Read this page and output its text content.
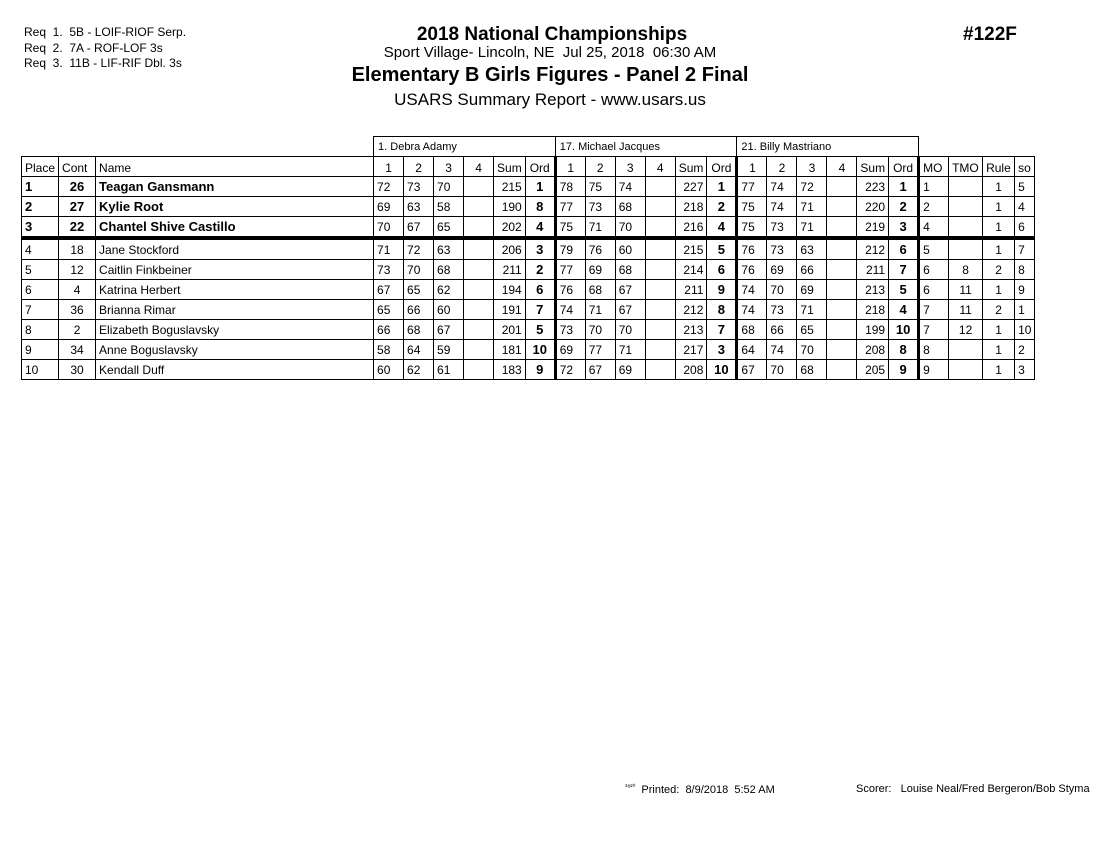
Req  1.  5B - LOIF-RIOF Serp.
Req  2.  7A - ROF-LOF 3s
Req  3.  11B - LIF-RIF Dbl. 3s
2018 National Championships
Sport Village- Lincoln, NE  Jul 25, 2018  06:30 AM
Elementary B Girls Figures - Panel 2 Final
USARS Summary Report - www.usars.us
#122F
			1. Debra Adamy						17. Michael Jacques						21. Billy Mastriano									
Place	Cont	Name	1	2	3	4	Sum	Ord	1	2	3	4	Sum	Ord	1	2	3	4	Sum	Ord	MO	TMO	Rule	so
1	26	Teagan Gansmann	72	73	70		215	1	78	75	74		227	1	77	74	72		223	1	1		1	5
2	27	Kylie Root	69	63	58		190	8	77	73	68		218	2	75	74	71		220	2	2		1	4
3	22	Chantel Shive Castillo	70	67	65		202	4	75	71	70		216	4	75	73	71		219	3	4		1	6
4	18	Jane Stockford	71	72	63		206	3	79	76	60		215	5	76	73	63		212	6	5		1	7
5	12	Caitlin Finkbeiner	73	70	68		211	2	77	69	68		214	6	76	69	66		211	7	6	8	2	8
6	4	Katrina Herbert	67	65	62		194	6	76	68	67		211	9	74	70	69		213	5	6	11	1	9
7	36	Brianna Rimar	65	66	60		191	7	74	71	67		212	8	74	73	71		218	4	7	11	2	1
8	2	Elizabeth Boguslavsky	66	68	67		201	5	73	70	70		213	7	68	66	65		199	10	7	12	1	10
9	34	Anne Boguslavsky	58	64	59		181	10	69	77	71		217	3	64	74	70		208	8	8		1	2
10	30	Kendall Duff	60	62	61		183	9	72	67	69		208	10	67	70	68		205	9	9		1	3
$^{^{3820}}$ Printed:  8/9/2018  5:52 AM	Scorer:   Louise Neal/Fred Bergeron/Bob Styma
